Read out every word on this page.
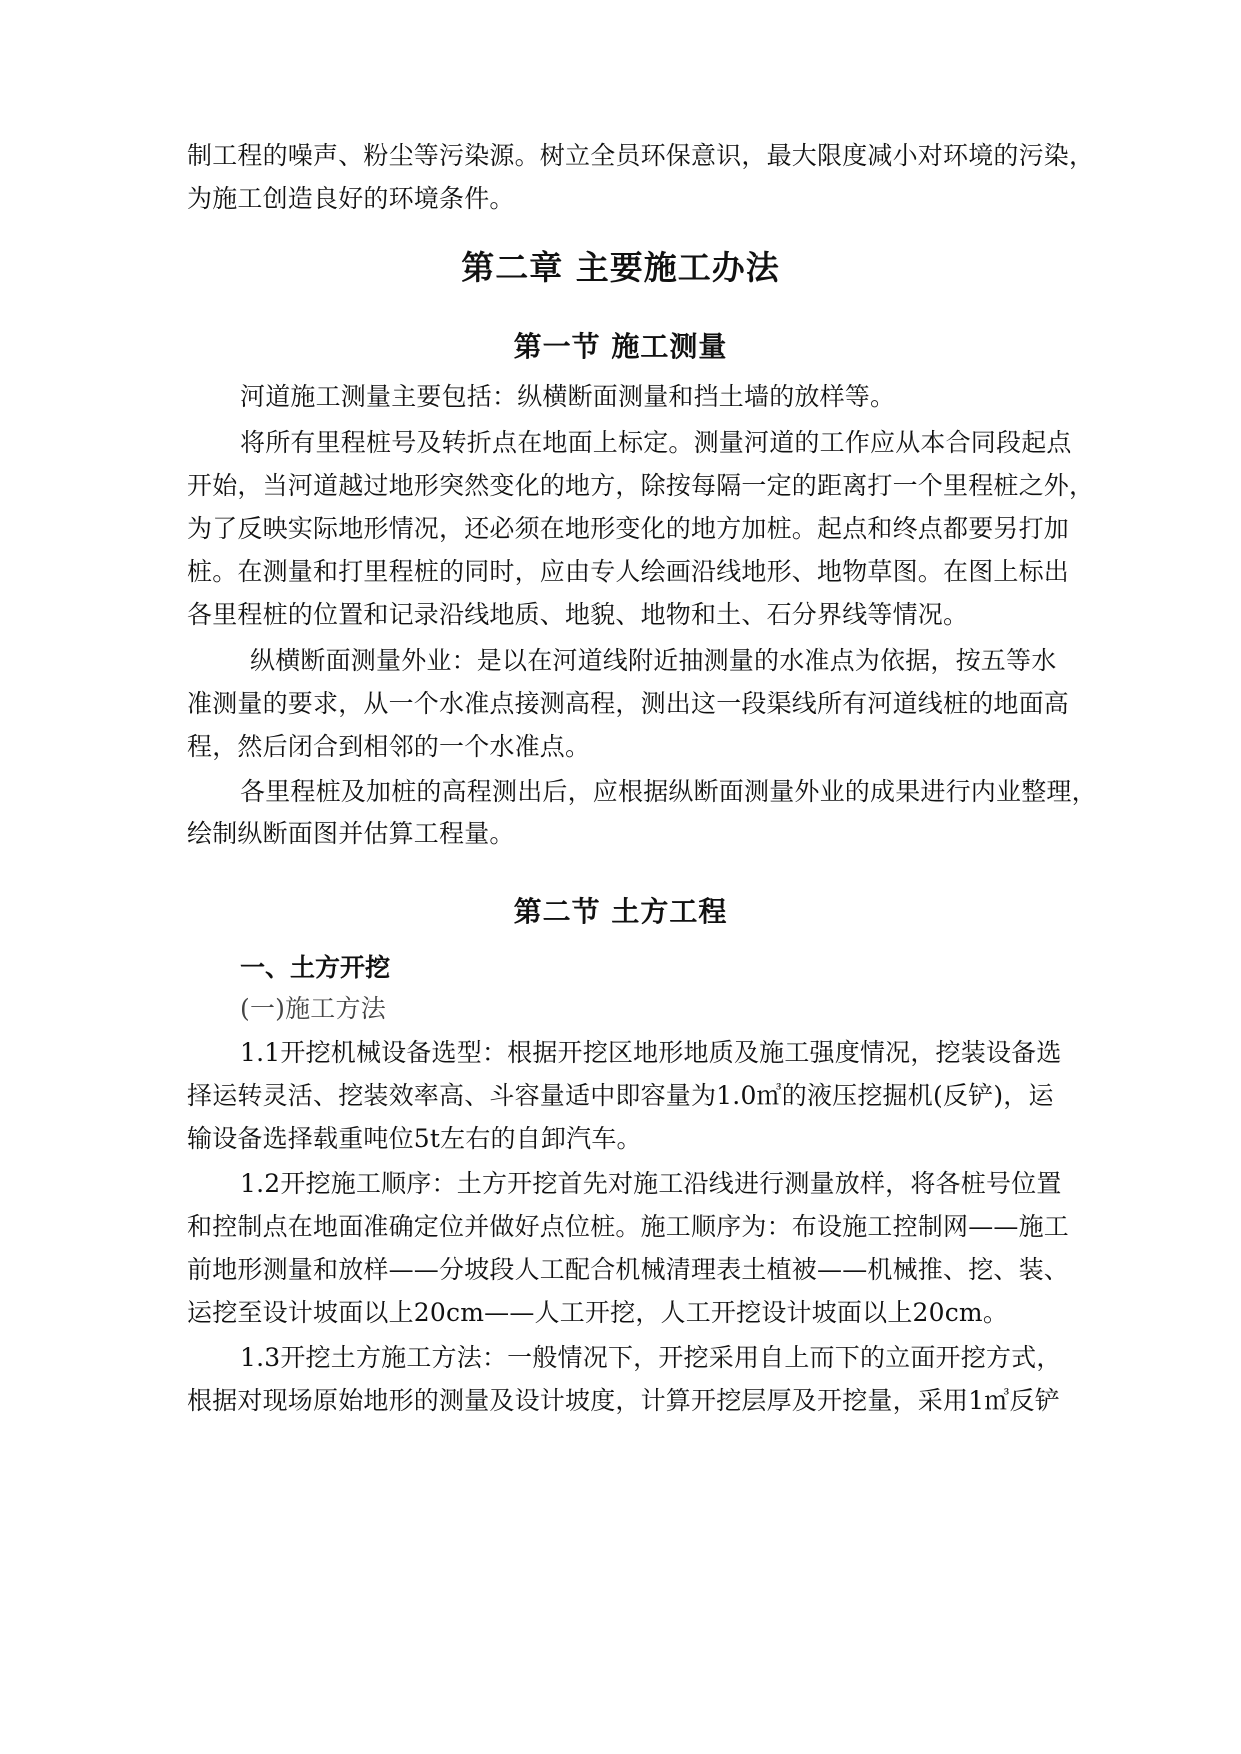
制工程的噪声、粉尘等污染源。树立全员环保意识，最大限度减小对环境的污染，
为施工创造良好的环境条件。
第二章 主要施工办法
第一节 施工测量
河道施工测量主要包括：纵横断面测量和挡土墙的放样等。
将所有里程桩号及转折点在地面上标定。测量河道的工作应从本合同段起点
开始，当河道越过地形突然变化的地方，除按每隔一定的距离打一个里程桩之外，
为了反映实际地形情况，还必须在地形变化的地方加桩。起点和终点都要另打加
桩。在测量和打里程桩的同时，应由专人绘画沿线地形、地物草图。在图上标出
各里程桩的位置和记录沿线地质、地貌、地物和土、石分界线等情况。
纵横断面测量外业：是以在河道线附近抽测量的水准点为依据，按五等水
准测量的要求，从一个水准点接测高程，测出这一段渠线所有河道线桩的地面高
程，然后闭合到相邻的一个水准点。
各里程桩及加桩的高程测出后，应根据纵断面测量外业的成果进行内业整理，
绘制纵断面图并估算工程量。
第二节 土方工程
一、土方开挖
(一)施工方法
1.1开挖机械设备选型：根据开挖区地形地质及施工强度情况，挖装设备选
择运转灵活、挖装效率高、斗容量适中即容量为1.0㎥的液压挖掘机(反铲)，运
输设备选择载重吨位5t左右的自卸汽车。
1.2开挖施工顺序：土方开挖首先对施工沿线进行测量放样，将各桩号位置
和控制点在地面准确定位并做好点位桩。施工顺序为：布设施工控制网——施工
前地形测量和放样——分坡段人工配合机械清理表土植被——机械推、挖、装、
运挖至设计坡面以上20cm——人工开挖，人工开挖设计坡面以上20cm。
1.3开挖土方施工方法：一般情况下，开挖采用自上而下的立面开挖方式，
根据对现场原始地形的测量及设计坡度，计算开挖层厚及开挖量，采用1㎥反铲
